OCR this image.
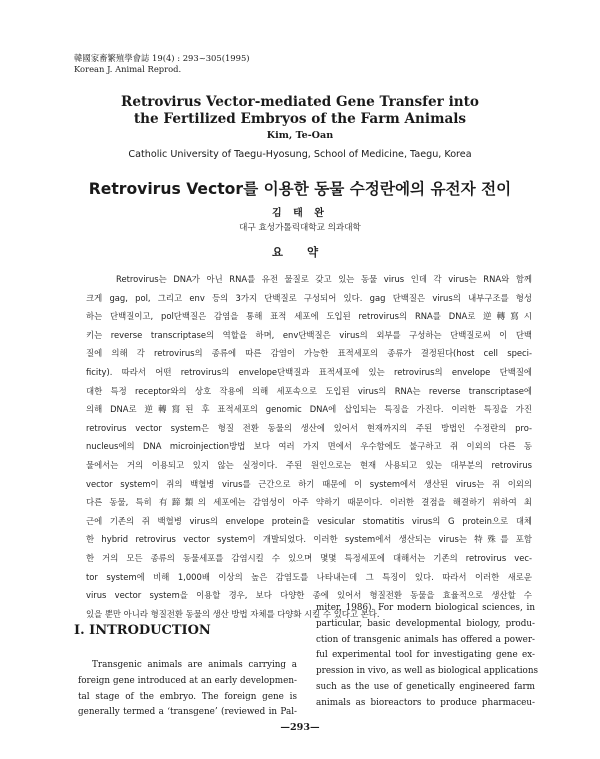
韓國家畜繁殖學會誌 19(4) : 293~305(1995)
Korean J. Animal Reprod.
Retrovirus Vector-mediated Gene Transfer into
the Fertilized Embryos of the Farm Animals
Kim, Te-Oan
Catholic University of Taegu-Hyosung, School of Medicine, Taegu, Korea
Retrovirus Vector를 이용한 동물 수정란에의 유전자 전이
김 태 완
대구 효성가톨릭대학교 의과대학
요 약

Retrovirus는 DNA가 아닌 RNA를 유전 물질로 갖고 있는 동물 virus 인데 각 virus는 RNA와 함께

크게 gag, pol, 그리고 env 등의 3가지 단백질로 구성되어 있다. gag 단백질은 virus의 내부구조를 형성

하는 단백질이고, pol단백질은 감염을 통해 표적 세포에 도입된 retrovirus의 RNA를 DNA로 逆轉寫시

키는 reverse transcriptase의 역할을 하며, env단백질은 virus의 외부를 구성하는 단백질로써 이 단백

질에 의해 각 retrovirus의 종류에 따른 감염이 가능한 표적세포의 종류가 결정된다(host cell speci-

ficity). 따라서 어떤 retrovirus의 envelope단백질과 표적세포에 있는 retrovirus의 envelope 단백질에

대한 특정 receptor와의 상호 작용에 의해 세포속으로 도입된 virus의 RNA는 reverse transcriptase에

의해 DNA로 逆轉寫된 후 표적세포의 genomic DNA에 삽입되는 특징을 가진다. 이러한 특징을 가진

retrovirus vector system은 형질 전환 동물의 생산에 있어서 현재까지의 주된 방법인 수정란의 pro-

nucleus에의 DNA microinjection방법 보다 여러 가지 면에서 우수함에도 불구하고 쥐 이외의 다른 동

물에서는 거의 이용되고 있지 않는 실정이다. 주된 원인으로는 현재 사용되고 있는 대부분의 retrovirus

vector system이 쥐의 백혈병 virus를 근간으로 하기 때문에 이 system에서 생산된 virus는 쥐 이외의

다른 동물, 특히 有蹄類의 세포에는 감염성이 아주 약하기 때문이다. 이러한 결점을 해결하기 위하여 최

근에 기존의 쥐 백혈병 virus의 envelope protein을 vesicular stomatitis virus의 G protein으로 대체

한 hybrid retrovirus vector system이 개발되었다. 이러한 system에서 생산되는 virus는 特殊를 포함

한 거의 모든 종류의 동물세포를 감염시킬 수 있으며 몇몇 특정세포에 대해서는 기존의 retrovirus vec-

tor system에 비해 1,000배 이상의 높은 감염도를 나타내는데 그 특징이 있다. 따라서 이러한 새로운

virus vector system을 이용할 경우, 보다 다양한 종에 있어서 형질전환 동물을 효율적으로 생산할 수

있을 뿐만 아니라 형질전환 동물의 생산 방법 자체를 다양화 시킬 수 있다고 본다.

Ⅰ. INTRODUCTION

Transgenic animals are animals carrying a

foreign gene introduced at an early developmen-

tal stage of the embryo. The foreign gene is

generally termed a ‘transgene’ (reviewed in Pal-

miter, 1986). For modern biological sciences, in

particular, basic developmental biology, produ-

ction of transgenic animals has offered a power-

ful experimental tool for investigating gene ex-

pression in vivo, as well as biological applications

such as the use of genetically engineered farm

animals as bioreactors to produce pharmaceu-

—293—
